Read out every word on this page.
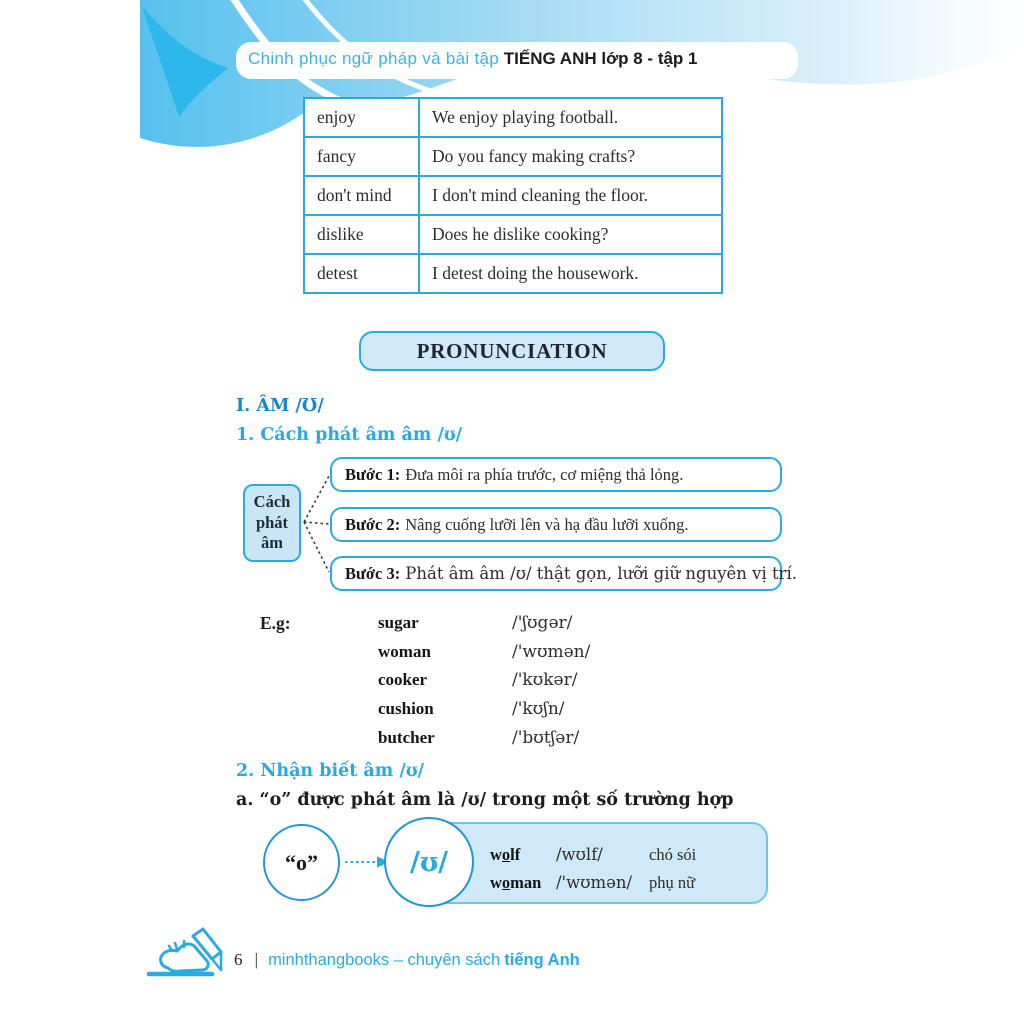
Chinh phục ngữ pháp và bài tập TIẾNG ANH lớp 8 - tập 1
enjoy	We enjoy playing football.
fancy	Do you fancy making crafts?
don't mind	I don't mind cleaning the floor.
dislike	Does he dislike cooking?
detest	I detest doing the housework.
PRONUNCIATION
I. ÂM /Ʊ/
1. Cách phát âm âm /ʊ/
Cách phát âm
Bước 1: Đưa môi ra phía trước, cơ miệng thả lỏng.
Bước 2: Nâng cuống lưỡi lên và hạ đầu lưỡi xuống.
Bước 3: Phát âm âm /ʊ/ thật gọn, lưỡi giữ nguyên vị trí.
E.g:	sugar	/'ʃʊgər/
woman	/'wʊmən/
cooker	/'kʊkər/
cushion	/'kʊʃn/
butcher	/'bʊtʃər/
2. Nhận biết âm /ʊ/
a. “o” được phát âm là /ʊ/ trong một số trường hợp
wolf	/wʊlf/	chó sói
woman /'wʊmən/	phụ nữ
“o”	/ʊ/
6 | minhthangbooks – chuyên sách tiếng Anh
